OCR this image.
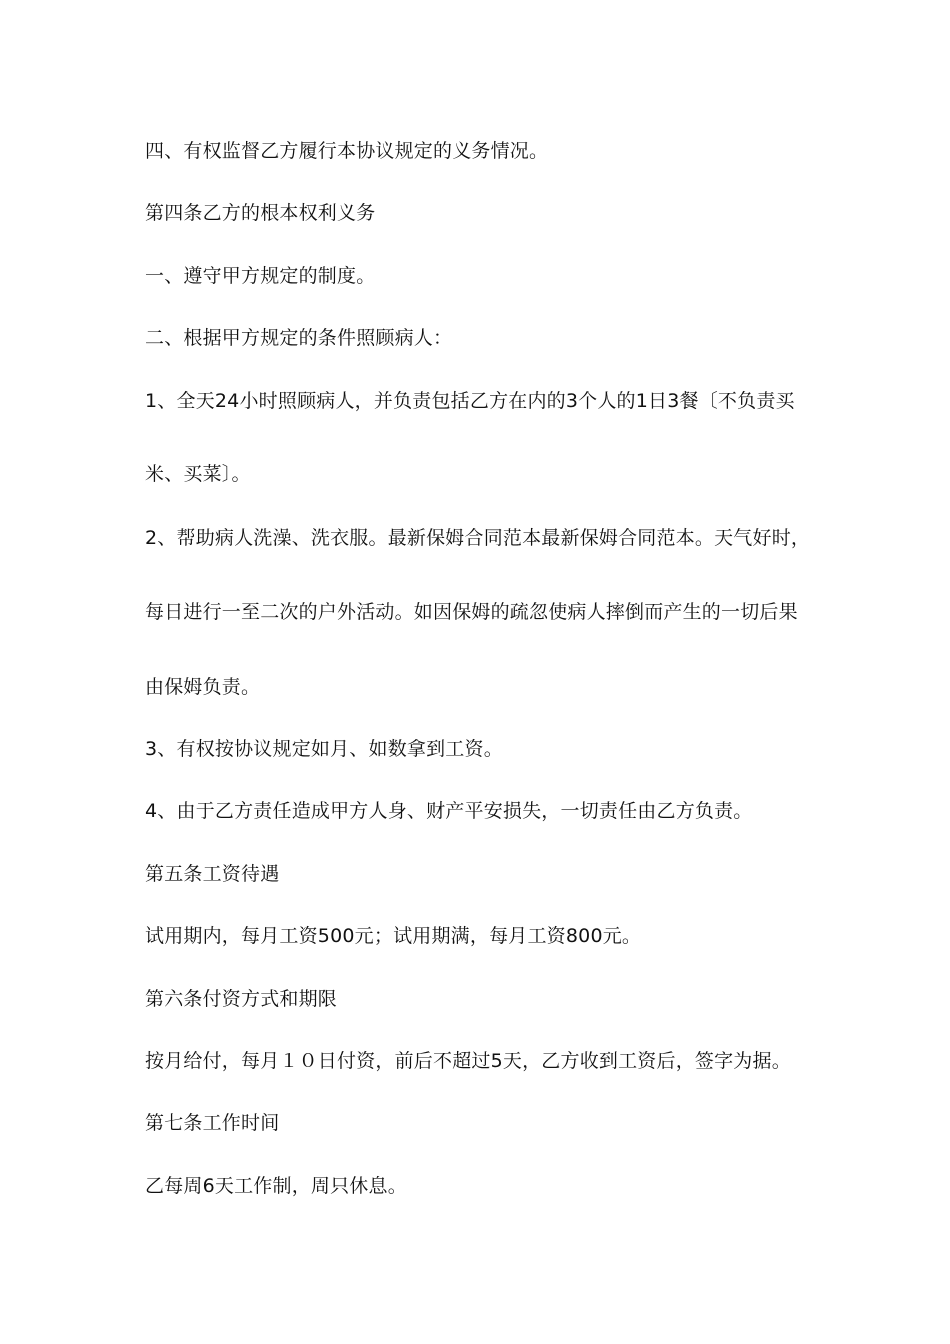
四、有权监督乙方履行本协议规定的义务情况。
第四条乙方的根本权利义务
一、遵守甲方规定的制度。
二、根据甲方规定的条件照顾病人：
1、全天24小时照顾病人，并负责包括乙方在内的3个人的1日3餐〔不负责买
米、买菜〕。
2、帮助病人洗澡、洗衣服。最新保姆合同范本最新保姆合同范本。天气好时，
每日进行一至二次的户外活动。如因保姆的疏忽使病人摔倒而产生的一切后果
由保姆负责。
3、有权按协议规定如月、如数拿到工资。
4、由于乙方责任造成甲方人身、财产平安损失，一切责任由乙方负责。
第五条工资待遇
试用期内，每月工资500元；试用期满，每月工资800元。
第六条付资方式和期限
按月给付，每月１０日付资，前后不超过5天，乙方收到工资后，签字为据。
第七条工作时间
乙每周6天工作制，周只休息。
